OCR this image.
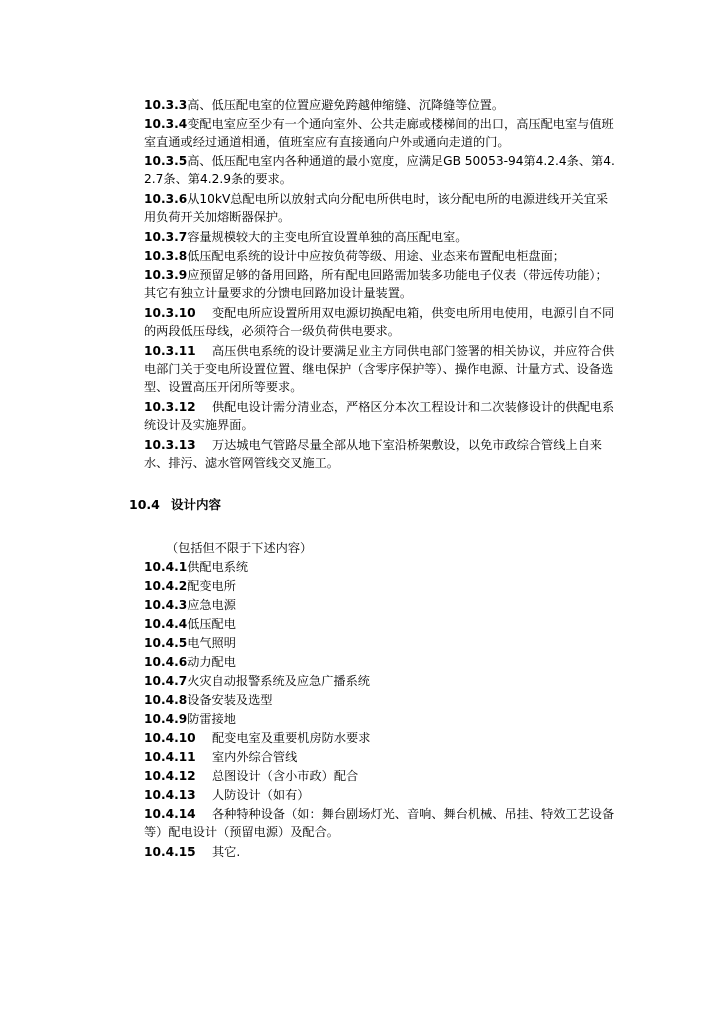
10.3.3高、低压配电室的位置应避免跨越伸缩缝、沉降缝等位置。
10.3.4变配电室应至少有一个通向室外、公共走廊或楼梯间的出口，高压配电室与值班室直通或经过通道相通，值班室应有直接通向户外或通向走道的门。
10.3.5高、低压配电室内各种通道的最小宽度，应满足GB 50053-94第4.2.4条、第4.2.7条、第4.2.9条的要求。
10.3.6从10kV总配电所以放射式向分配电所供电时，该分配电所的电源进线开关宜采用负荷开关加熔断器保护。
10.3.7容量规模较大的主变电所宜设置单独的高压配电室。
10.3.8低压配电系统的设计中应按负荷等级、用途、业态来布置配电柜盘面；
10.3.9应预留足够的备用回路，所有配电回路需加装多功能电子仪表（带远传功能）；其它有独立计量要求的分馈电回路加设计量装置。
10.3.10 变配电所应设置所用双电源切换配电箱，供变电所用电使用，电源引自不同的两段低压母线，必须符合一级负荷供电要求。
10.3.11 高压供电系统的设计要满足业主方同供电部门签署的相关协议，并应符合供电部门关于变电所设置位置、继电保护（含零序保护等）、操作电源、计量方式、设备选型、设置高压开闭所等要求。
10.3.12 供配电设计需分清业态，严格区分本次工程设计和二次装修设计的供配电系统设计及实施界面。
10.3.13 万达城电气管路尽量全部从地下室沿桥架敷设，以免市政综合管线上自来水、排污、滤水管网管线交叉施工。
10.4 设计内容
（包括但不限于下述内容）
10.4.1供配电系统
10.4.2配变电所
10.4.3应急电源
10.4.4低压配电
10.4.5电气照明
10.4.6动力配电
10.4.7火灾自动报警系统及应急广播系统
10.4.8设备安装及选型
10.4.9防雷接地
10.4.10 配变电室及重要机房防水要求
10.4.11 室内外综合管线
10.4.12 总图设计（含小市政）配合
10.4.13 人防设计（如有）
10.4.14 各种特种设备（如：舞台剧场灯光、音响、舞台机械、吊挂、特效工艺设备等）配电设计（预留电源）及配合。
10.4.15 其它.
